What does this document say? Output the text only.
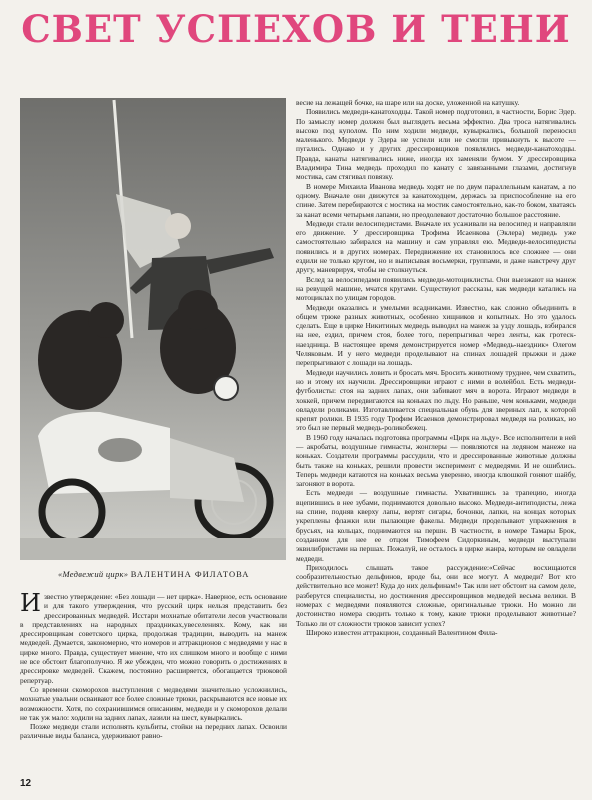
СВЕТ УСПЕХОВ И ТЕНИ
«Медвежий цирк» ВАЛЕНТИНА ФИЛАТОВА

Известно утверждение: «Без лошади — нет цирка». Наверное, есть основание и для такого утверждения, что русский цирк нельзя представить без дрессированных медведей. Исстари мохнатые обитатели лесов участвовали в представлениях на народных праздниках,увеселениях. Кому, как ни дрессировщикам советского цирка, продолжая традиции, выводить на манеж медведей. Думается, закономерно, что номеров и аттракционов с медведями у нас в цирке много. Правда, существует мнение, что их слишком много и вообще с ними не все обстоит благополучно. Я же убежден, что можно говорить о достижениях в дрессировке медведей. Скажем, постоянно расширяется, обогащается трюковой репертуар.

Со времени скоморохов выступления с медведями значительно усложнились, мохнатые увальни осваивают все более сложные трюки, раскрываются все новые их возможности. Хотя, по сохранившимся описаниям, медведи и у скоморохов делали не так уж мало: ходили на задних лапах, лазили на шест, кувыркались.

Позже медведи стали исполнять кульбиты, стойки на передних лапах. Освоили различные виды баланса, удерживают равно-

весие на лежащей бочке, на шаре или на доске, уложенной на катушку.

Появились медведи-канатоходцы. Такой номер подготовил, в частности, Борис Эдер. По замыслу номер должен был выглядеть весьма эффектно. Два троса натягивались высоко под куполом. По ним ходили медведи, кувыркались, большой переносил маленького. Медведи у Эдера не успели или не смогли привыкнуть к высоте — пугались. Однако и у других дрессировщиков появлялись медведи-канатоходцы. Правда, канаты натягивались ниже, иногда их заменяли бумом. У дрессировщика Владимира Тина медведь проходил по канату с завязанными глазами, достигнув мостика, сам стягивал повязку.

В номере Михаила Иванова медведь ходят не по двум параллельным канатам, а по одному. Вначале они движутся за канатоходцем, держась за приспособление на его спине. Затем перебираются с мостика на мостик самостоятельно, как-то боком, хватаясь за канат всеми четырьмя лапами, но преодолевают достаточно большое расстояние.

Медведи стали велосипедистами. Вначале их усаживали на велосипед и направляли его движение. У дрессировщика Трофима Исаенкова (Эклера) медведь уже самостоятельно забирался на машину и сам управлял ею. Медведи-велосипедисты появились и в других номерах. Передвижение их становилось все сложнее — они ездили не только кругом, но и выписывая восьмерки, группами, и даже навстречу друг другу, маневрируя, чтобы не столкнуться.

Вслед за велосипедами появились медведи-мотоциклисты. Они выезжают на манеж на ревущей машине, мчатся кругами. Существуют рассказы, как медведи катались на мотоциклах по улицам городов.

Медведи оказались и умелыми всадниками. Известно, как сложно объединить в общем трюке разных животных, особенно хищников и копытных. Но это удалось сделать. Еще в цирке Никитиных медведь выводил на манеж за узду лошадь, взбирался на нее, ездил, причем стоя, более того, перепрыгивал через ленты, как гротеск-наездница. В настоящее время демонстрируется номер «Медведь-наездник» Олегом Челяковым. И у него медведи проделывают на спинах лошадей прыжки и даже перепрыгивают с лошади на лошадь.

Медведи научились ловить и бросать мяч. Бросить животному труднее, чем схватить, но и этому их научили. Дрессировщики играют с ними в волейбол. Есть медведи-футболисты: стоя на задних лапах, они забивают мяч в ворота. Играют медведи в хоккей, причем передвигаются на коньках по льду. Но раньше, чем коньками, медведи овладели роликами. Изготавливается специальная обувь для звериных лап, к которой крепят ролики. В 1935 году Трофим Исаенков демонстрировал медведя на роликах, но это был не первый медведь-роликобежец.

В 1960 году началась подготовка программы «Цирк на льду». Все исполнители в ней — акробаты, воздушные гимнасты, жонглеры — появляются на ледяном манеже на коньках. Создатели программы рассудили, что и дрессированные животные должны быть также на коньках, решили провести эксперимент с медведями. И не ошиблись. Теперь медведи катаются на коньках весьма уверенно, иногда клюшкой гоняют шайбу, загоняют в ворота.

Есть медведи — воздушные гимнасты. Ухватившись за трапецию, иногда вцепившись в нее зубами, поднимаются довольно высоко. Медведи-антиподисты, лежа на спине, подняв кверху лапы, вертят сигары, бочонки, лапки, на концах которых укреплены флажки или пылающие факелы. Медведи проделывают упражнения в брусьях, на кольцах, поднимаются на першн. В частности, в номере Тамары Брок, созданном для нее ее отцом Тимофеем Сидоркиным, медведи выступали эквилибристами на першах. Пожалуй, не осталось в цирке жанра, которым не овладели медведи.

Приходилось слышать такое рассуждение:«Сейчас восхищаются сообразительностью дельфинов, вроде бы, они все могут. А медведи? Вот кто действительно все может! Куда до них дельфинам!» Так или нет обстоит на самом деле, разберутся специалисты, но достижения дрессировщиков медведей весьма велики. В номерах с медведями появляются сложные, оригинальные трюки. Но можно ли достоинство номера сводить только к тому, какие трюки проделывают животные? Только ли от сложности трюков зависит успех?

Широко известен аттракцион, созданный Валентином Фила-

12
